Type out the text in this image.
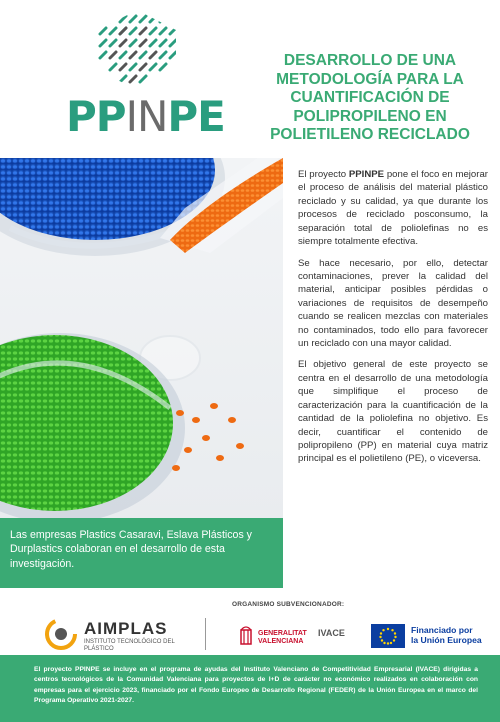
PPINPE
DESARROLLO DE UNA METODOLOGÍA PARA LA CUANTIFICACIÓN DE POLIPROPILENO EN POLIETILENO RECICLADO
Las empresas Plastics Casaravi, Eslava Plásticos y Durplastics colaboran en el desarrollo de esta investigación.

El proyecto PPINPE pone el foco en mejorar el proceso de análisis del material plástico reciclado y su calidad, ya que durante los procesos de reciclado posconsumo, la separación total de poliolefinas no es siempre totalmente efectiva.

Se hace necesario, por ello, detectar contaminaciones, prever la calidad del material, anticipar posibles pérdidas o variaciones de requisitos de desempeño cuando se realicen mezclas con materiales no contaminados, todo ello para favorecer un reciclado con una mayor calidad.

El objetivo general de este proyecto se centra en el desarrollo de una metodología que simplifique el proceso de caracterización para la cuantificación de la cantidad de la poliolefina no objetivo. Es decir, cuantificar el contenido de polipropileno (PP) en material cuya matriz principal es el polietileno (PE), o viceversa.

ORGANISMO SUBVENCIONADOR:
AIMPLAS
INSTITUTO TECNOLÓGICO DEL PLÁSTICO
GENERALITAT
VALENCIANA
IVACE	Financiado por
la Unión Europea
El proyecto PPINPE se incluye en el programa de ayudas del Instituto Valenciano de Competitividad Empresarial (IVACE) dirigidas a centros tecnológicos de la Comunidad Valenciana para proyectos de I+D de carácter no económico realizados en colaboración con empresas para el ejercicio 2023, financiado por el Fondo Europeo de Desarrollo Regional (FEDER) de la Unión Europea en el marco del Programa Operativo 2021-2027.
